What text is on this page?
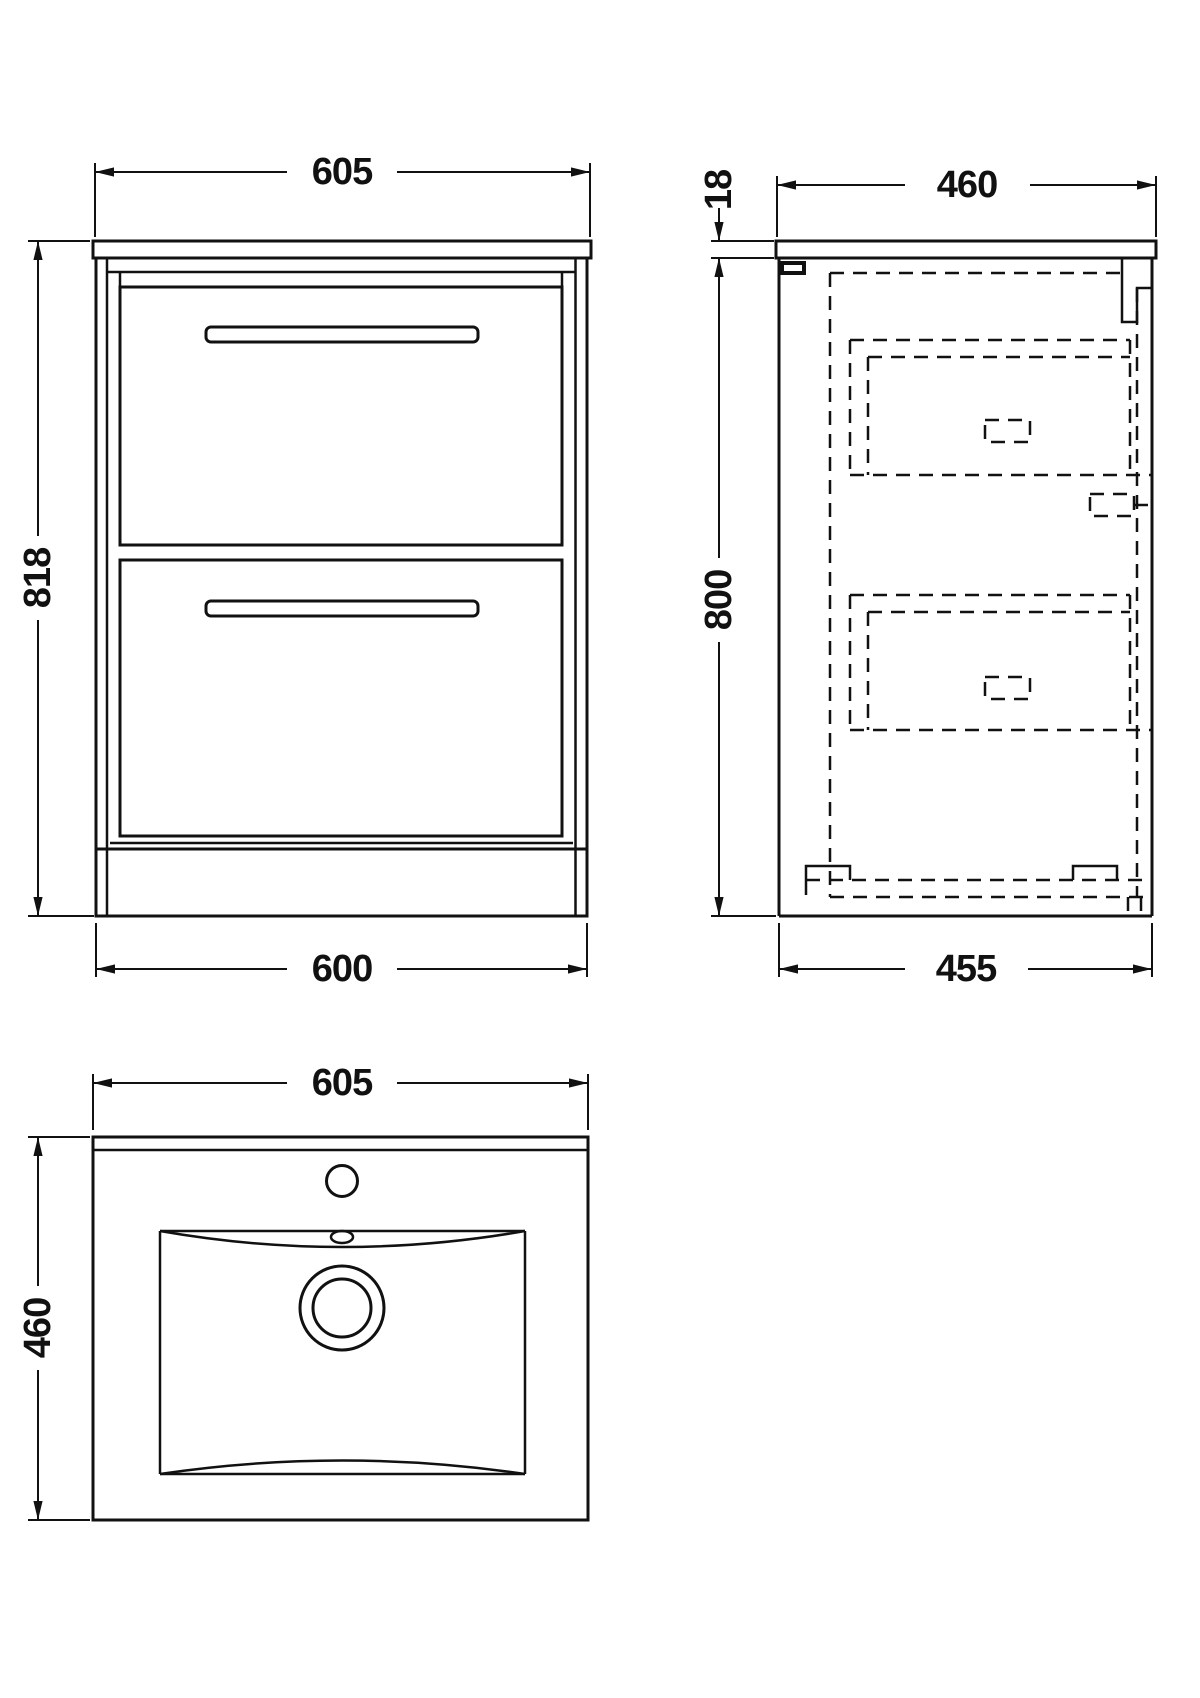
605
818
600
460
18
800
455
605
460
